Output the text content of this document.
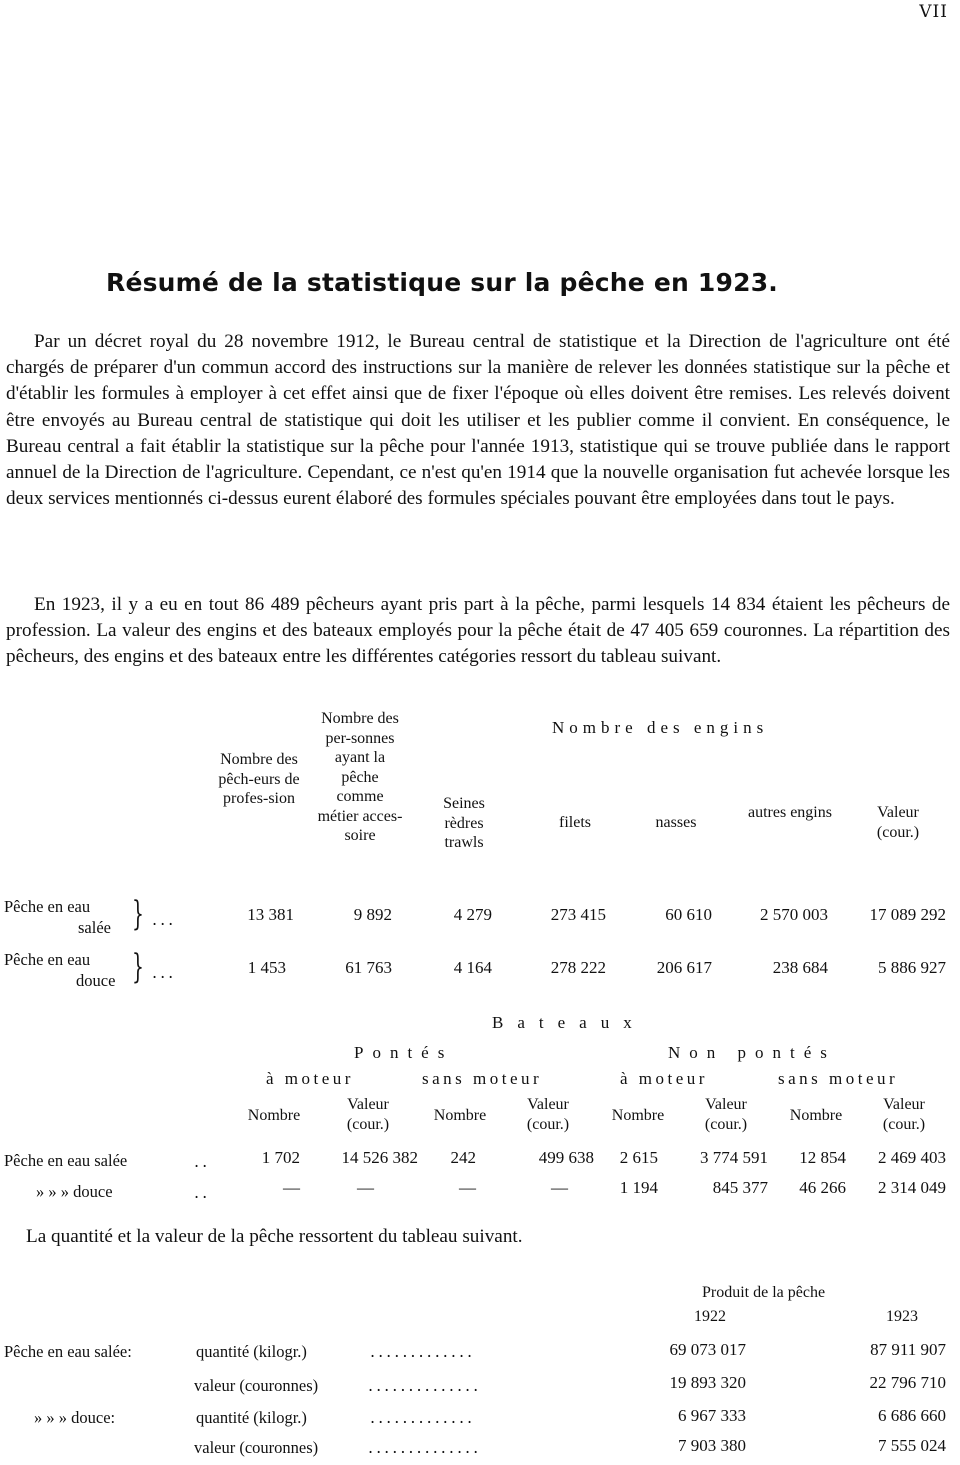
VII
Résumé de la statistique sur la pêche en 1923.
Par un décret royal du 28 novembre 1912, le Bureau central de statistique et la Direction de l'agriculture ont été chargés de préparer d'un commun accord des instructions sur la manière de relever les données statistique sur la pêche et d'établir les formules à employer à cet effet ainsi que de fixer l'époque où elles doivent être remises. Les relevés doivent être envoyés au Bureau central de statistique qui doit les utiliser et les publier comme il convient. En conséquence, le Bureau central a fait établir la statistique sur la pêche pour l'année 1913, statistique qui se trouve publiée dans le rapport annuel de la Direction de l'agriculture. Cependant, ce n'est qu'en 1914 que la nouvelle organisation fut achevée lorsque les deux services mentionnés ci-dessus eurent élaboré des formules spéciales pouvant être employées dans tout le pays.
En 1923, il y a eu en tout 86 489 pêcheurs ayant pris part à la pêche, parmi lesquels 14 834 étaient les pêcheurs de profession. La valeur des engins et des bateaux employés pour la pêche était de 47 405 659 couronnes. La répartition des pêcheurs, des engins et des bateaux entre les différentes catégories ressort du tableau suivant.
Nombre des pêch-eurs de profes-sion
Nombre des per-sonnes ayant la pêche comme métier acces-soire
Seines rèdres trawls
Nombre des engins
filets	nasses
autres engins	Valeur (cour.)
Pêche en eau
salée } ...	13 381	9 892	4 279	273 415	60 610	2 570 003	17 089 292
Pêche en eau
douce } ...	1 453	61 763	4 164	278 222	206 617	238 684	5 886 927
Bateaux
Pontés	Non pontés
à moteur	sans moteur	à moteur	sans moteur
Nombre
Valeur (cour.)	Nombre
Valeur (cour.)	Nombre
Valeur (cour.)	Nombre
Valeur (cour.)
Pêche en eau salée	..	1 702	14 526 382	242	499 638	2 615	3 774 591	12 854	2 469 403
» » » douce	..	—	—	—	—	1 194	845 377	46 266	2 314 049
La quantité et la valeur de la pêche ressortent du tableau suivant.
Produit de la pêche
1922	1923
Pêche en eau salée:	quantité (kilogr.)	.............	69 073 017	87 911 907
valeur (couronnes)	..............	19 893 320	22 796 710
» » » douce:	quantité (kilogr.)	.............	6 967 333	6 686 660
valeur (couronnes)	..............	7 903 380	7 555 024
